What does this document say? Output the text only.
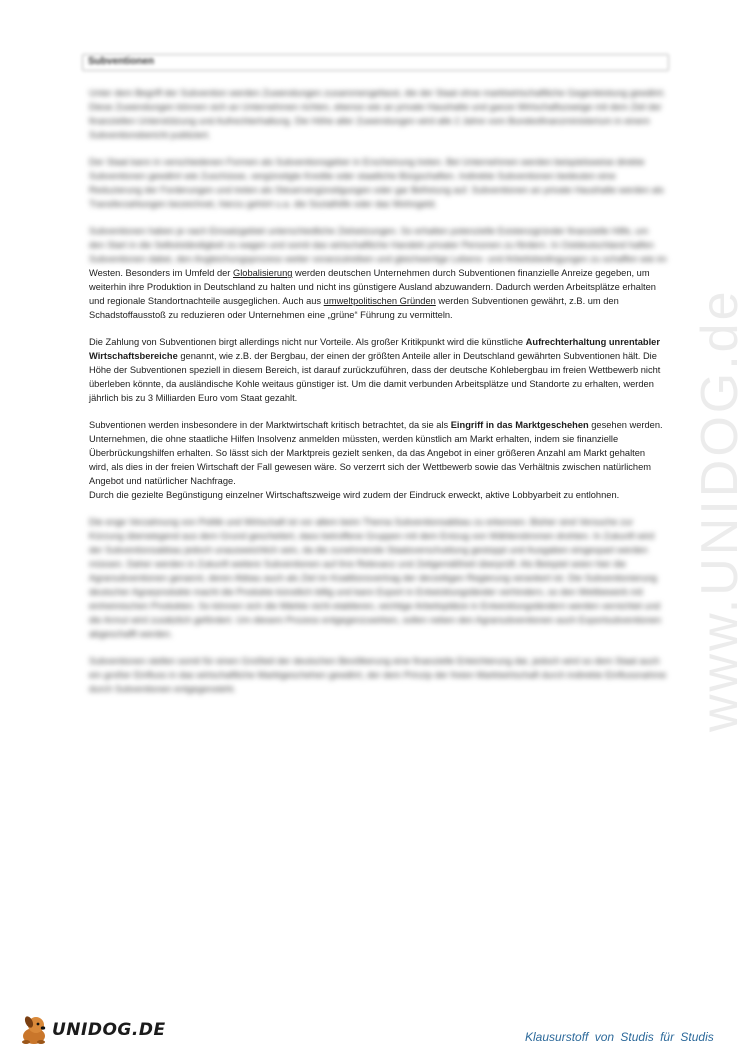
Subventionen

Unter dem Begriff der Subvention werden Zuwendungen zusammengefasst, die der Staat ohne marktwirtschaftliche Gegenleistung gewährt. Diese Zuwendungen können sich an Unternehmen richten, ebenso wie an private Haushalte und ganze Wirtschaftszweige mit dem Ziel der finanziellen Unterstützung und Aufrechterhaltung. Die Höhe aller Zuwendungen wird alle 2 Jahre vom Bundesfinanzministerium in einem Subventionsbericht publiziert.

Der Staat kann in verschiedenen Formen als Subventionsgeber in Erscheinung treten. Bei Unternehmen werden beispielsweise direkte Subventionen gewährt wie Zuschüsse, vergünstigte Kredite oder staatliche Bürgschaften. Indirekte Subventionen bedeuten eine Reduzierung der Forderungen und treten als Steuervergünstigungen oder gar Befreiung auf. Subventionen an private Haushalte werden als Transferzahlungen bezeichnet, hierzu gehört u.a. die Sozialhilfe oder das Wohngeld.

Subventionen haben je nach Einsatzgebiet unterschiedliche Zielsetzungen. So erhalten potenzielle Existenzgründer finanzielle Hilfe, um
den Start in die Selbstständigkeit zu wagen und somit das wirtschaftliche Handeln privater Personen zu fördern. In Ostdeutschland halfen
Subventionen dabei, den Angleichungsprozess weiter voranzutreiben und gleichwertige Lebens- und Arbeitsbedingungen zu schaffen wie im
Westen. Besonders im Umfeld der Globalisierung werden deutschen Unternehmen durch Subventionen finanzielle Anreize gegeben, um
weiterhin ihre Produktion in Deutschland zu halten und nicht ins günstigere Ausland abzuwandern. Dadurch werden Arbeitsplätze erhalten
und regionale Standortnachteile ausgeglichen. Auch aus umweltpolitischen Gründen werden Subventionen gewährt, z.B. um den
Schadstoffausstoß zu reduzieren oder Unternehmen eine „grüne“ Führung zu vermitteln.
Die Zahlung von Subventionen birgt allerdings nicht nur Vorteile. Als großer Kritikpunkt wird die künstliche Aufrechterhaltung unrentabler
Wirtschaftsbereiche genannt, wie z.B. der Bergbau, der einen der größten Anteile aller in Deutschland gewährten Subventionen hält. Die
Höhe der Subventionen speziell in diesem Bereich, ist darauf zurückzuführen, dass der deutsche Kohlebergbau im freien Wettbewerb nicht
überleben könnte, da ausländische Kohle weitaus günstiger ist. Um die damit verbunden Arbeitsplätze und Standorte zu erhalten, werden
jährlich bis zu 3 Milliarden Euro vom Staat gezahlt.
Subventionen werden insbesondere in der Marktwirtschaft kritisch betrachtet, da sie als Eingriff in das Marktgeschehen gesehen werden.
Unternehmen, die ohne staatliche Hilfen Insolvenz anmelden müssten, werden künstlich am Markt erhalten, indem sie finanzielle
Überbrückungshilfen erhalten. So lässt sich der Marktpreis gezielt senken, da das Angebot in einer größeren Anzahl am Markt gehalten
wird, als dies in der freien Wirtschaft der Fall gewesen wäre. So verzerrt sich der Wettbewerb sowie das Verhältnis zwischen natürlichem
Angebot und natürlicher Nachfrage.
Durch die gezielte Begünstigung einzelner Wirtschaftszweige wird zudem der Eindruck erweckt, aktive Lobbyarbeit zu entlohnen.

Die enge Verzahnung von Politik und Wirtschaft ist vor allem beim Thema Subventionsabbau zu erkennen. Bisher sind Versuche zur Kürzung überwiegend aus dem Grund gescheitert, dass betroffene Gruppen mit dem Entzug von Wählerstimmen drohten. In Zukunft wird der Subventionsabbau jedoch unausweichlich sein, da die zunehmende Staatsverschuldung gestoppt und Ausgaben eingespart werden müssen. Daher werden in Zukunft weitere Subventionen auf ihre Relevanz und Zeitgemäßheit überprüft. Als Beispiel seien hier die Agrarsubventionen genannt, deren Abbau auch als Ziel im Koalitionsvertrag der derzeitigen Regierung verankert ist. Die Subventionierung deutscher Agrarprodukte macht die Produkte künstlich billig und kann Export in Entwicklungsländer verhindern, so den Wettbewerb mit einheimischen Produkten. So können sich die Märkte nicht etablieren, wichtige Arbeitsplätze in Entwicklungsländern werden vernichtet und die Armut wird zusätzlich gefördert. Um diesem Prozess entgegenzuwirken, sollen neben den Agrarsubventionen auch Exportsubventionen abgeschafft werden.

Subventionen stellen somit für einen Großteil der deutschen Bevölkerung eine finanzielle Erleichterung dar, jedoch wird so dem Staat auch ein großer Einfluss in das wirtschaftliche Marktgeschehen gewährt, der dem Prinzip der freien Marktwirtschaft durch indirekte Einflussnahme durch Subventionen entgegensteht.	www.UNIDOG.de
UNIDOG.DE	Klausurstoff von Studis für Studis
